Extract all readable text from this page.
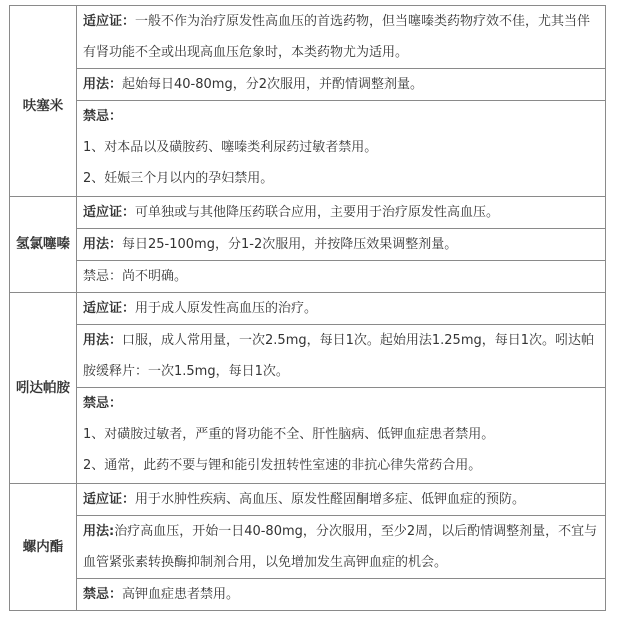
呋塞米	适应证：一般不作为治疗原发性高血压的首选药物，但当噻嗪类药物疗效不佳，尤其当伴有肾功能不全或出现高血压危象时，本类药物尤为适用。
	用法：起始每日40-80mg，分2次服用，并酌情调整剂量。

	禁忌：
1、对本品以及磺胺药、噻嗪类利尿药过敏者禁用。
2、妊娠三个月以内的孕妇禁用。

氢氯噻嗪	适应证：可单独或与其他降压药联合应用，主要用于治疗原发性高血压。
	用法：每日25-100mg，分1-2次服用，并按降压效果调整剂量。
	禁忌：尚不明确。
吲达帕胺	适应证：用于成人原发性高血压的治疗。
	用法：口服，成人常用量，一次2.5mg，每日1次。起始用法1.25mg，每日1次。吲达帕胺缓释片：一次1.5mg，每日1次。

	禁忌：
1、对磺胺过敏者，严重的肾功能不全、肝性脑病、低钾血症患者禁用。
2、通常，此药不要与锂和能引发扭转性室速的非抗心律失常药合用。

螺内酯	适应证：用于水肿性疾病、高血压、原发性醛固酮增多症、低钾血症的预防。
	用法:治疗高血压，开始一日40-80mg，分次服用，至少2周，以后酌情调整剂量，不宜与血管紧张素转换酶抑制剂合用，以免增加发生高钾血症的机会。
	禁忌：高钾血症患者禁用。
